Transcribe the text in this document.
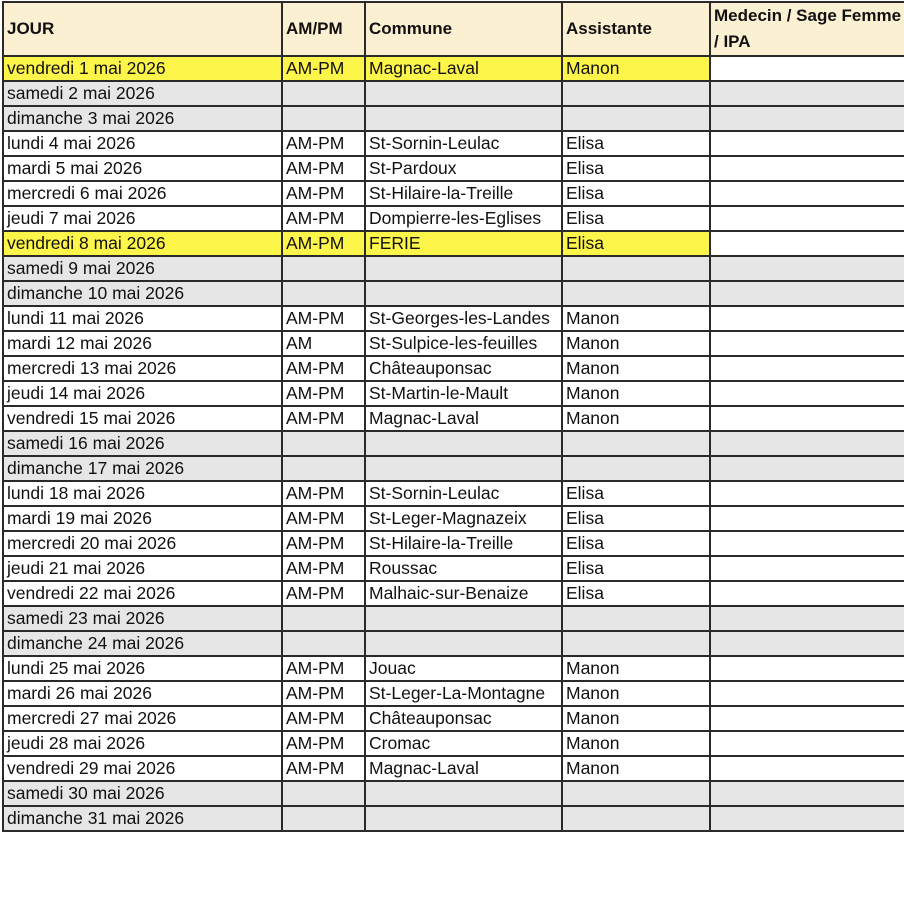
JOUR	AM/PM	Commune	Assistante	Medecin / Sage Femme / IPA
vendredi 1 mai 2026	AM-PM	Magnac-Laval	Manon	
samedi 2 mai 2026				
dimanche 3 mai 2026				
lundi 4 mai 2026	AM-PM	St-Sornin-Leulac	Elisa	
mardi 5 mai 2026	AM-PM	St-Pardoux	Elisa	
mercredi 6 mai 2026	AM-PM	St-Hilaire-la-Treille	Elisa	
jeudi 7 mai 2026	AM-PM	Dompierre-les-Eglises	Elisa	
vendredi 8 mai 2026	AM-PM	FERIE	Elisa	
samedi 9 mai 2026				
dimanche 10 mai 2026				
lundi 11 mai 2026	AM-PM	St-Georges-les-Landes	Manon	
mardi 12 mai 2026	AM	St-Sulpice-les-feuilles	Manon	
mercredi 13 mai 2026	AM-PM	Châteauponsac	Manon	
jeudi 14 mai 2026	AM-PM	St-Martin-le-Mault	Manon	
vendredi 15 mai 2026	AM-PM	Magnac-Laval	Manon	
samedi 16 mai 2026				
dimanche 17 mai 2026				
lundi 18 mai 2026	AM-PM	St-Sornin-Leulac	Elisa	
mardi 19 mai 2026	AM-PM	St-Leger-Magnazeix	Elisa	
mercredi 20 mai 2026	AM-PM	St-Hilaire-la-Treille	Elisa	
jeudi 21 mai 2026	AM-PM	Roussac	Elisa	
vendredi 22 mai 2026	AM-PM	Malhaic-sur-Benaize	Elisa	
samedi 23 mai 2026				
dimanche 24 mai 2026				
lundi 25 mai 2026	AM-PM	Jouac	Manon	
mardi 26 mai 2026	AM-PM	St-Leger-La-Montagne	Manon	
mercredi 27 mai 2026	AM-PM	Châteauponsac	Manon	
jeudi 28 mai 2026	AM-PM	Cromac	Manon	
vendredi 29 mai 2026	AM-PM	Magnac-Laval	Manon	
samedi 30 mai 2026				
dimanche 31 mai 2026				
